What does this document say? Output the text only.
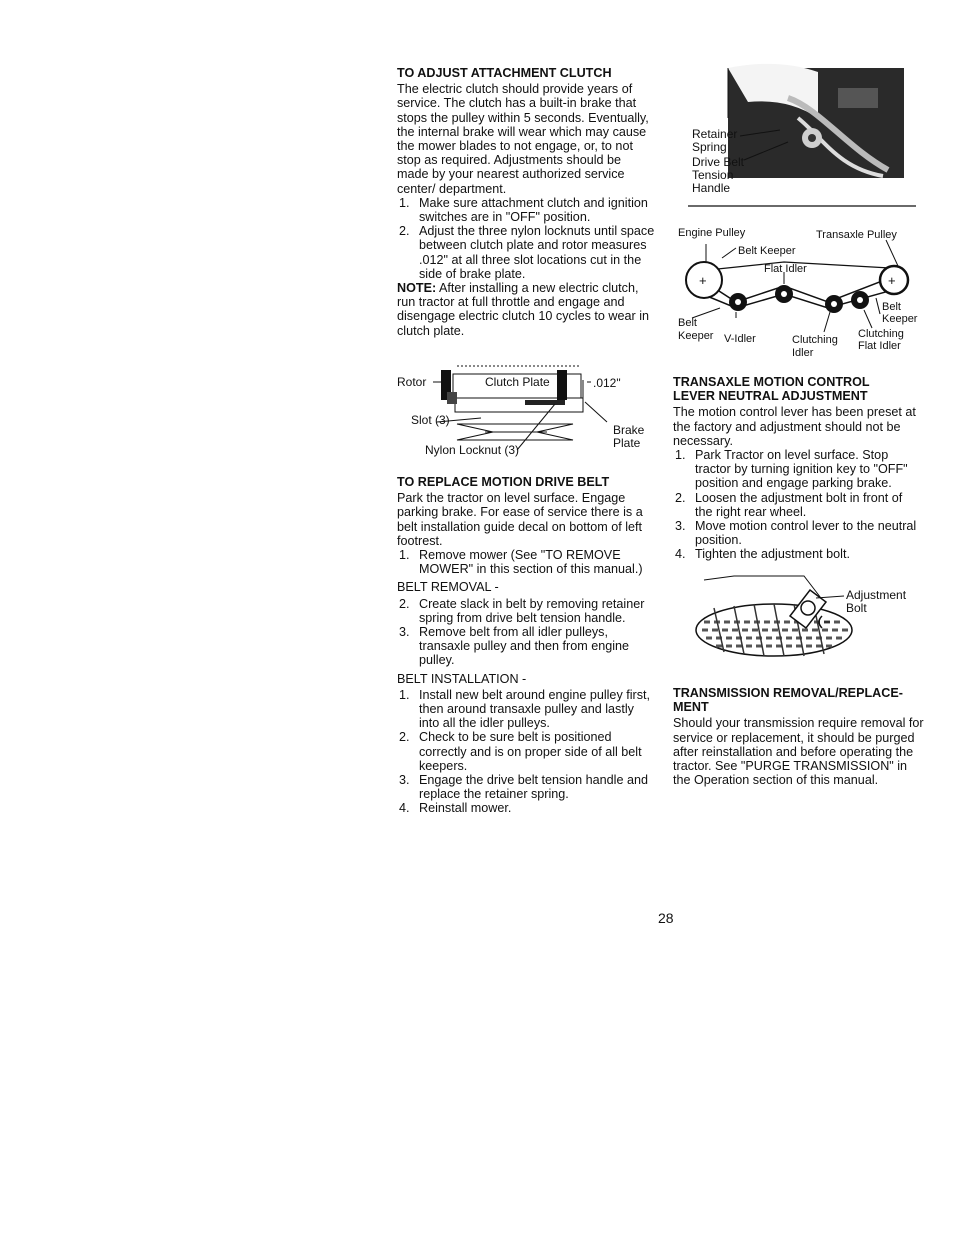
TO ADJUST ATTACHMENT CLUTCH

The electric clutch should provide years of service. The clutch has a built-in brake that stops the pulley within 5 seconds. Eventually, the internal brake will wear which may cause the mower blades to not engage, or, to not stop as required. Adjustments should be made by your nearest authorized service center/ department.

1. Make sure attachment clutch and ignition switches are in "OFF" position.
2. Adjust the three nylon locknuts until space between clutch plate and rotor measures .012" at all three slot locations cut in the side of brake plate.

NOTE: After installing a new electric clutch, run tractor at full throttle and engage and disengage electric clutch 10 cycles to wear in clutch plate.

Rotor	Clutch Plate	.012"
Slot (3)
Brake
Plate
Nylon Locknut (3)
TO REPLACE MOTION DRIVE BELT

Park the tractor on level surface. Engage parking brake. For ease of service there is a belt installation guide decal on bottom of left footrest.

1. Remove mower (See "TO REMOVE MOWER" in this section of this manual.)

BELT REMOVAL -

2. Create slack in belt by removing retainer spring from drive belt tension handle.
3. Remove belt from all idler pulleys, transaxle pulley and then from engine pulley.

BELT INSTALLATION -

1. Install new belt around engine pulley first, then around transaxle pulley and lastly into all the idler pulleys.
2. Check to be sure belt is positioned correctly and is on proper side of all belt keepers.
3. Engage the drive belt tension handle and replace the retainer spring.
4. Reinstall mower.
Retainer
Spring
Drive Belt
Tension
Handle
+	+
Engine Pulley	Transaxle Pulley
Belt Keeper
Flat Idler
Belt
Keeper
Belt
Keeper V-Idler	Clutching
Idler
Clutching
Flat Idler
TRANSAXLE MOTION CONTROL
LEVER NEUTRAL ADJUSTMENT

The motion control lever has been preset at the factory and adjustment should not be necessary.

1. Park Tractor on level surface. Stop tractor by turning ignition key to "OFF" position and engage parking brake.
2. Loosen the adjustment bolt in front of the right rear wheel.
3. Move motion control lever to the neutral position.
4. Tighten the adjustment bolt.
Adjustment
Bolt
TRANSMISSION REMOVAL/REPLACE-
MENT

Should your transmission require removal for service or replacement, it should be purged after reinstallation and before operating the tractor. See "PURGE TRANSMISSION" in the Operation section of this manual.

28
